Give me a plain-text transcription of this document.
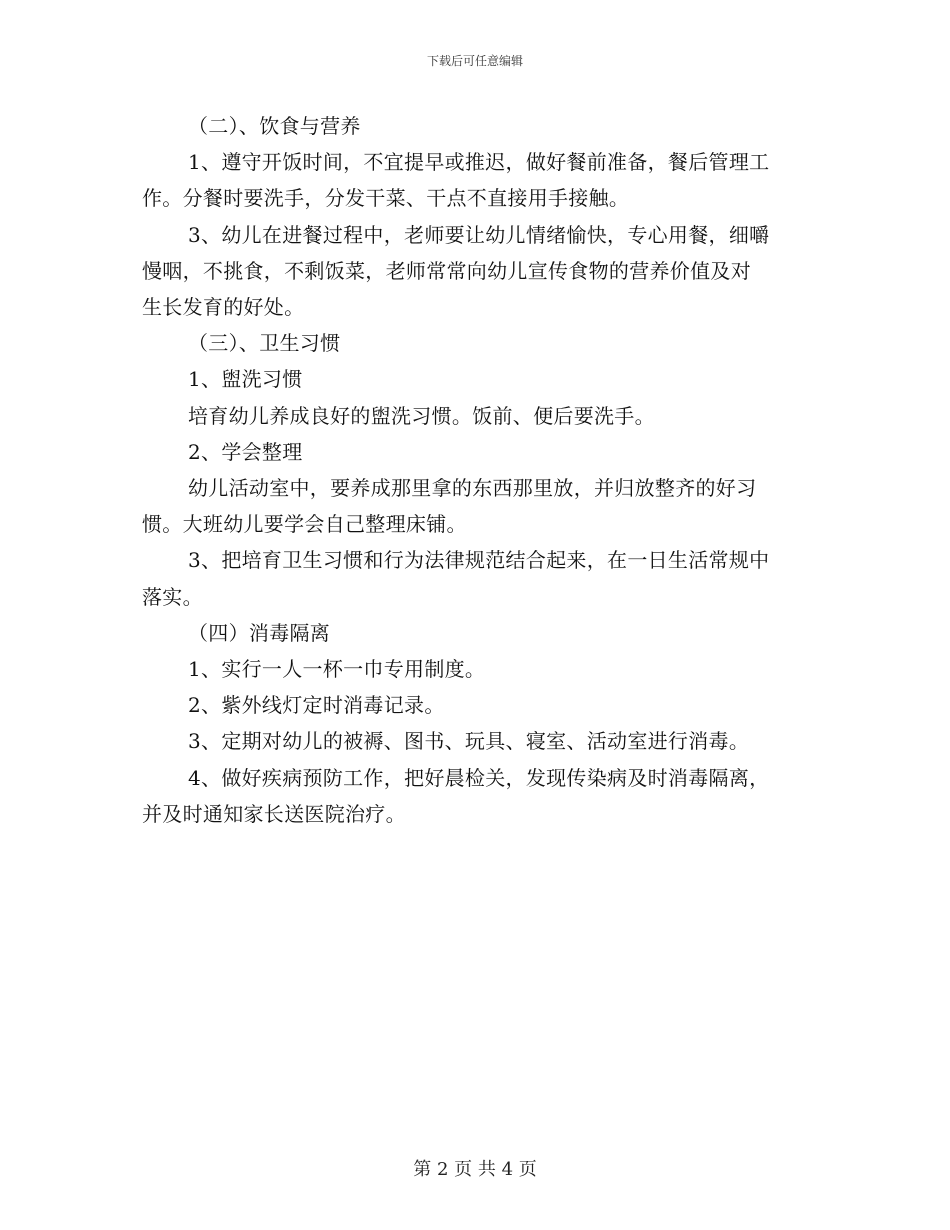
下载后可任意编辑

（二）、饮食与营养

1、遵守开饭时间，不宜提早或推迟，做好餐前准备，餐后管理工

作。分餐时要洗手，分发干菜、干点不直接用手接触。

3、幼儿在进餐过程中，老师要让幼儿情绪愉快，专心用餐，细嚼

慢咽，不挑食，不剩饭菜，老师常常向幼儿宣传食物的营养价值及对

生长发育的好处。

（三）、卫生习惯

1、盥洗习惯

培育幼儿养成良好的盥洗习惯。饭前、便后要洗手。

2、学会整理

幼儿活动室中，要养成那里拿的东西那里放，并归放整齐的好习

惯。大班幼儿要学会自己整理床铺。

3、把培育卫生习惯和行为法律规范结合起来，在一日生活常规中

落实。

（四）消毒隔离

1、实行一人一杯一巾专用制度。

2、紫外线灯定时消毒记录。

3、定期对幼儿的被褥、图书、玩具、寝室、活动室进行消毒。

4、做好疾病预防工作，把好晨检关，发现传染病及时消毒隔离，

并及时通知家长送医院治疗。

第 2 页 共 4 页
